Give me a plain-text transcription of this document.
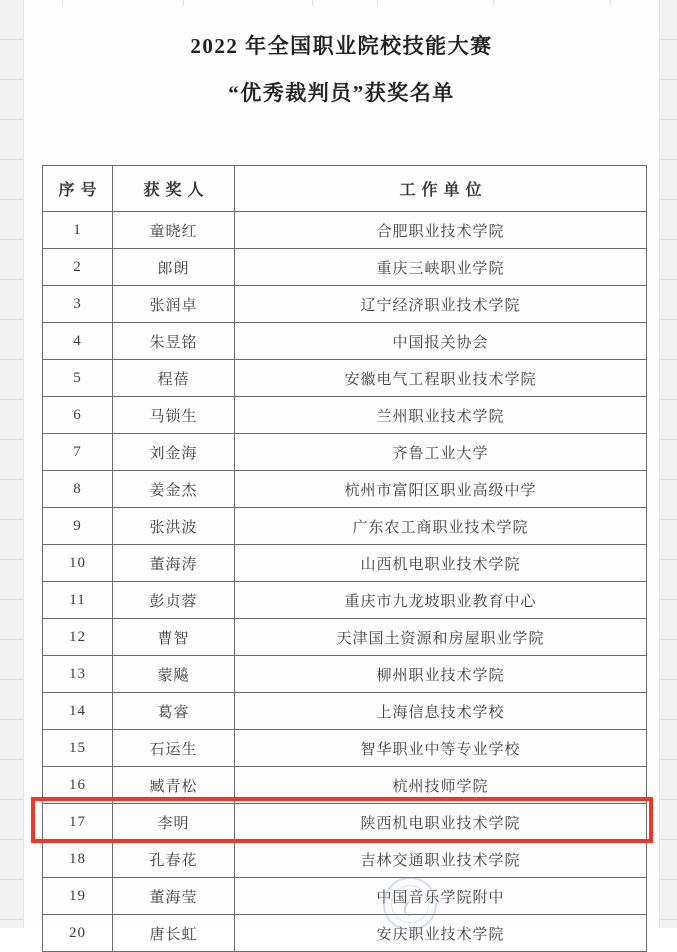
2022 年全国职业院校技能大赛
“优秀裁判员”获奖名单
序号	获奖人	工作单位
1	童晓红	合肥职业技术学院
2	郎朗	重庆三峡职业学院
3	张润卓	辽宁经济职业技术学院
4	朱昱铭	中国报关协会
5	程蓓	安徽电气工程职业技术学院
6	马锁生	兰州职业技术学院
7	刘金海	齐鲁工业大学
8	姜金杰	杭州市富阳区职业高级中学
9	张洪波	广东农工商职业技术学院
10	董海涛	山西机电职业技术学院
11	彭贞蓉	重庆市九龙坡职业教育中心
12	曹智	天津国土资源和房屋职业学院
13	蒙飚	柳州职业技术学院
14	葛睿	上海信息技术学校
15	石运生	智华职业中等专业学校
16	臧青松	杭州技师学院
17	李明	陕西机电职业技术学院
18	孔春花	吉林交通职业技术学院
19	董海莹	中国音乐学院附中
20	唐长虹	安庆职业技术学院
